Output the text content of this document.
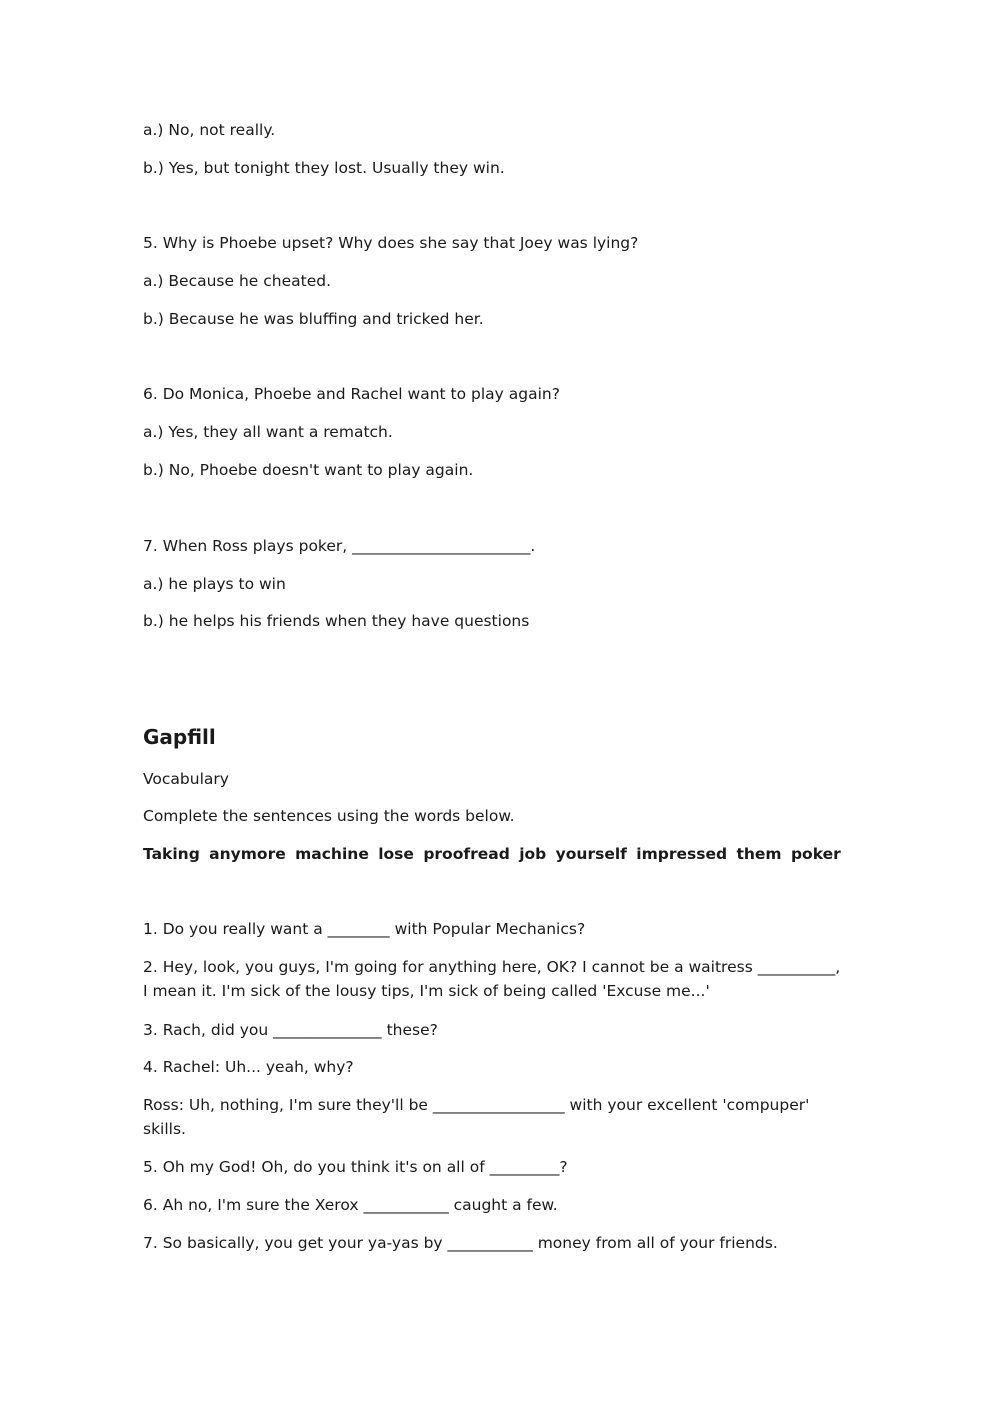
a.) No, not really.
b.) Yes, but tonight they lost. Usually they win.
5. Why is Phoebe upset? Why does she say that Joey was lying?
a.) Because he cheated.
b.) Because he was bluffing and tricked her.
6. Do Monica, Phoebe and Rachel want to play again?
a.) Yes, they all want a rematch.
b.) No, Phoebe doesn't want to play again.
7. When Ross plays poker, _______________________.
a.) he plays to win
b.) he helps his friends when they have questions
Gapfill
Vocabulary
Complete the sentences using the words below.
Taking anymore machine lose proofread job yourself impressed them poker
1. Do you really want a ________ with Popular Mechanics?
2. Hey, look, you guys, I'm going for anything here, OK? I cannot be a waitress __________, I mean it. I'm sick of the lousy tips, I'm sick of being called 'Excuse me...'
3. Rach, did you ______________ these?
4. Rachel: Uh... yeah, why?
Ross: Uh, nothing, I'm sure they'll be _________________ with your excellent 'compuper' skills.
5. Oh my God! Oh, do you think it's on all of _________?
6. Ah no, I'm sure the Xerox ___________ caught a few.
7. So basically, you get your ya-yas by ___________ money from all of your friends.
